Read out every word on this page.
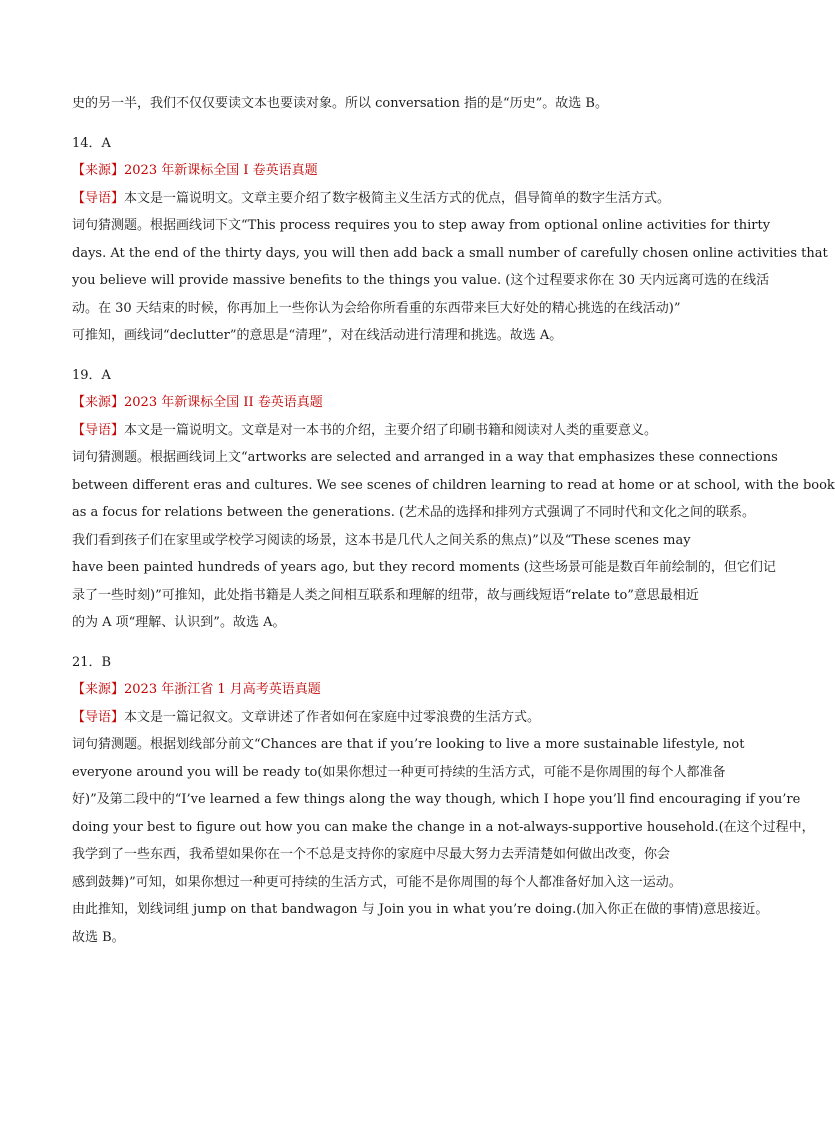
史的另一半，我们不仅仅要读文本也要读对象。所以 conversation 指的是“历史”。故选 B。
14．A
【来源】2023 年新课标全国 I 卷英语真题
【导语】本文是一篇说明文。文章主要介绍了数字极简主义生活方式的优点，倡导简单的数字生活方式。
词句猜测题。根据画线词下文“This process requires you to step away from optional online activities for thirty
days. At the end of the thirty days, you will then add back a small number of carefully chosen online activities that
you believe will provide massive benefits to the things you value. (这个过程要求你在 30 天内远离可选的在线活
动。在 30 天结束的时候，你再加上一些你认为会给你所看重的东西带来巨大好处的精心挑选的在线活动)”
可推知，画线词“declutter”的意思是“清理”，对在线活动进行清理和挑选。故选 A。
19．A
【来源】2023 年新课标全国 II 卷英语真题
【导语】本文是一篇说明文。文章是对一本书的介绍，主要介绍了印刷书籍和阅读对人类的重要意义。
词句猜测题。根据画线词上文“artworks are selected and arranged in a way that emphasizes these connections
between different eras and cultures. We see scenes of children learning to read at home or at school, with the book
as a focus for relations between the generations. (艺术品的选择和排列方式强调了不同时代和文化之间的联系。
我们看到孩子们在家里或学校学习阅读的场景，这本书是几代人之间关系的焦点)”以及“These scenes may
have been painted hundreds of years ago, but they record moments (这些场景可能是数百年前绘制的，但它们记
录了一些时刻)”可推知，此处指书籍是人类之间相互联系和理解的纽带，故与画线短语“relate to”意思最相近
的为 A 项“理解、认识到”。故选 A。
21．B
【来源】2023 年浙江省 1 月高考英语真题
【导语】本文是一篇记叙文。文章讲述了作者如何在家庭中过零浪费的生活方式。
词句猜测题。根据划线部分前文“Chances are that if you’re looking to live a more sustainable lifestyle, not
everyone around you will be ready to(如果你想过一种更可持续的生活方式，可能不是你周围的每个人都准备
好)”及第二段中的“I’ve learned a few things along the way though, which I hope you’ll find encouraging if you’re
doing your best to figure out how you can make the change in a not-always-supportive household.(在这个过程中，
我学到了一些东西，我希望如果你在一个不总是支持你的家庭中尽最大努力去弄清楚如何做出改变，你会
感到鼓舞)”可知，如果你想过一种更可持续的生活方式，可能不是你周围的每个人都准备好加入这一运动。
由此推知，划线词组 jump on that bandwagon 与 Join you in what you’re doing.(加入你正在做的事情)意思接近。
故选 B。
